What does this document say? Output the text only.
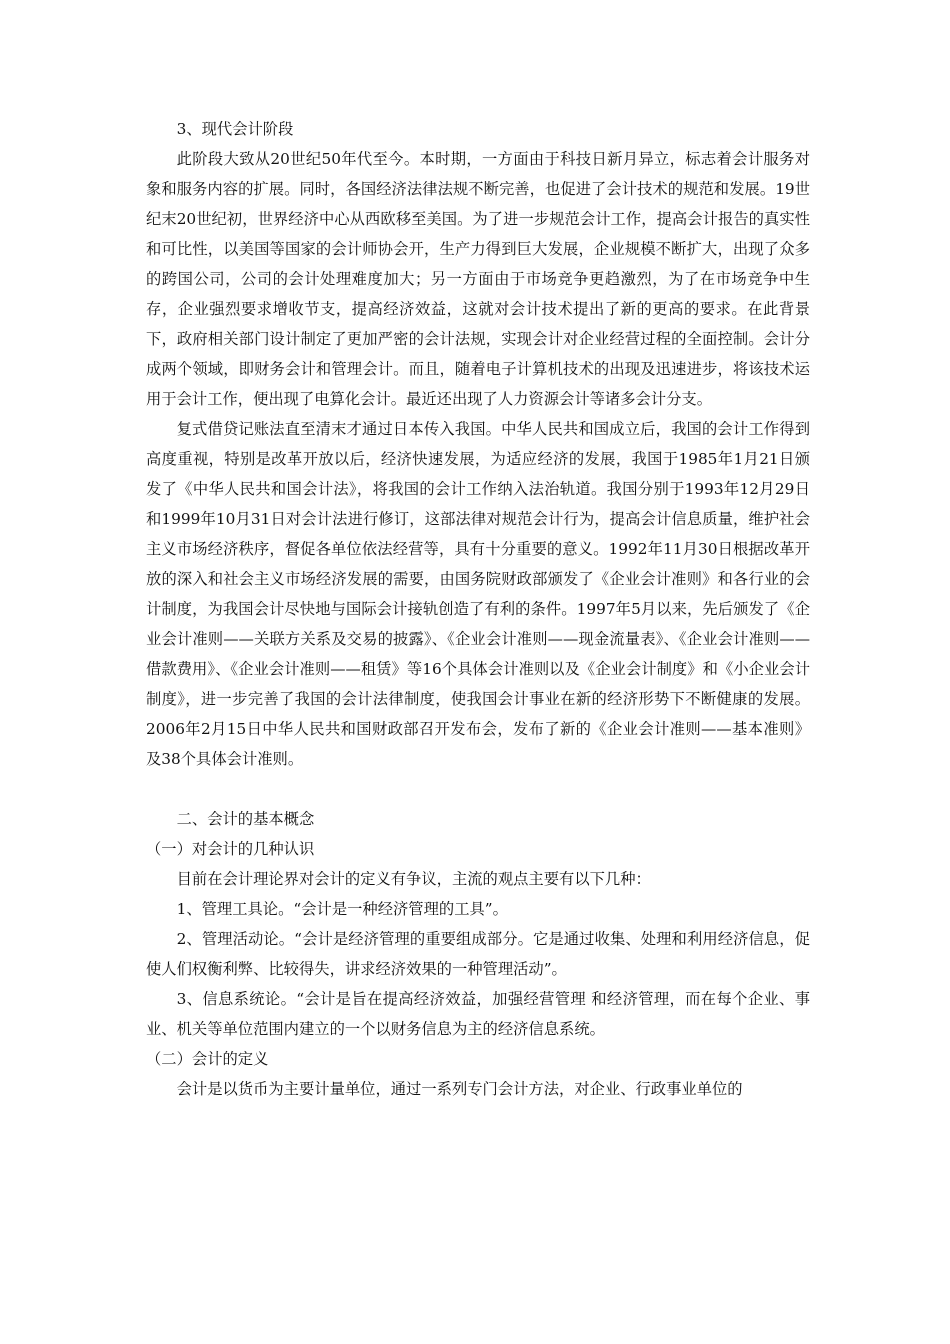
3、现代会计阶段

此阶段大致从20世纪50年代至今。本时期，一方面由于科技日新月异立，标志着会计服务对象和服务内容的扩展。同时，各国经济法律法规不断完善，也促进了会计技术的规范和发展。19世纪末20世纪初，世界经济中心从西欧移至美国。为了进一步规范会计工作，提高会计报告的真实性和可比性，以美国等国家的会计师协会开，生产力得到巨大发展，企业规模不断扩大，出现了众多的跨国公司，公司的会计处理难度加大；另一方面由于市场竞争更趋激烈，为了在市场竞争中生存，企业强烈要求增收节支，提高经济效益，这就对会计技术提出了新的更高的要求。在此背景下，政府相关部门设计制定了更加严密的会计法规，实现会计对企业经营过程的全面控制。会计分成两个领域，即财务会计和管理会计。而且，随着电子计算机技术的出现及迅速进步，将该技术运用于会计工作，便出现了电算化会计。最近还出现了人力资源会计等诸多会计分支。

复式借贷记账法直至清末才通过日本传入我国。中华人民共和国成立后，我国的会计工作得到高度重视，特别是改革开放以后，经济快速发展，为适应经济的发展，我国于1985年1月21日颁发了《中华人民共和国会计法》，将我国的会计工作纳入法治轨道。我国分别于1993年12月29日和1999年10月31日对会计法进行修订，这部法律对规范会计行为，提高会计信息质量，维护社会主义市场经济秩序，督促各单位依法经营等，具有十分重要的意义。1992年11月30日根据改革开放的深入和社会主义市场经济发展的需要，由国务院财政部颁发了《企业会计准则》和各行业的会计制度，为我国会计尽快地与国际会计接轨创造了有利的条件。1997年5月以来，先后颁发了《企业会计准则——关联方关系及交易的披露》、《企业会计准则——现金流量表》、《企业会计准则——借款费用》、《企业会计准则——租赁》等16个具体会计准则以及《企业会计制度》和《小企业会计制度》，进一步完善了我国的会计法律制度，使我国会计事业在新的经济形势下不断健康的发展。2006年2月15日中华人民共和国财政部召开发布会，发布了新的《企业会计准则——基本准则》及38个具体会计准则。

二、会计的基本概念

（一）对会计的几种认识

目前在会计理论界对会计的定义有争议，主流的观点主要有以下几种：

1、管理工具论。“会计是一种经济管理的工具”。

2、管理活动论。“会计是经济管理的重要组成部分。它是通过收集、处理和利用经济信息，促使人们权衡利弊、比较得失，讲求经济效果的一种管理活动”。

3、信息系统论。“会计是旨在提高经济效益，加强经营管理 和经济管理，而在每个企业、事业、机关等单位范围内建立的一个以财务信息为主的经济信息系统。

（二）会计的定义

会计是以货币为主要计量单位，通过一系列专门会计方法，对企业、行政事业单位的
